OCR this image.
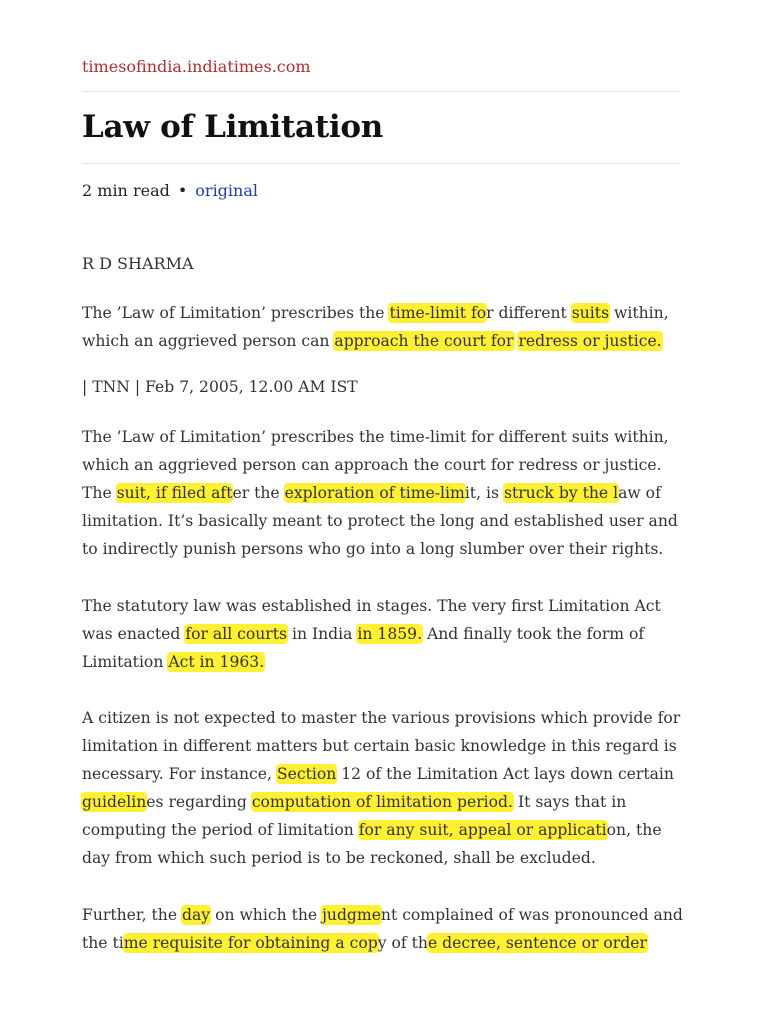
timesofindia.indiatimes.com
Law of Limitation
2 min read • original
R D SHARMA

The ’Law of Limitation’ prescribes the time-limit for different suits within,
which an aggrieved person can approach the court for redress or justice.

| TNN | Feb 7, 2005, 12.00 AM IST

The ’Law of Limitation’ prescribes the time-limit for different suits within,
which an aggrieved person can approach the court for redress or justice.
The suit, if filed after the exploration of time-limit, is struck by the law of
limitation. It’s basically meant to protect the long and established user and
to indirectly punish persons who go into a long slumber over their rights.

The statutory law was established in stages. The very first Limitation Act
was enacted for all courts in India in 1859. And finally took the form of
Limitation Act in 1963.

A citizen is not expected to master the various provisions which provide for
limitation in different matters but certain basic knowledge in this regard is
necessary. For instance, Section 12 of the Limitation Act lays down certain
guidelines regarding computation of limitation period. It says that in
computing the period of limitation for any suit, appeal or application, the
day from which such period is to be reckoned, shall be excluded.

Further, the day on which the judgment complained of was pronounced and
the time requisite for obtaining a copy of the decree, sentence or order
